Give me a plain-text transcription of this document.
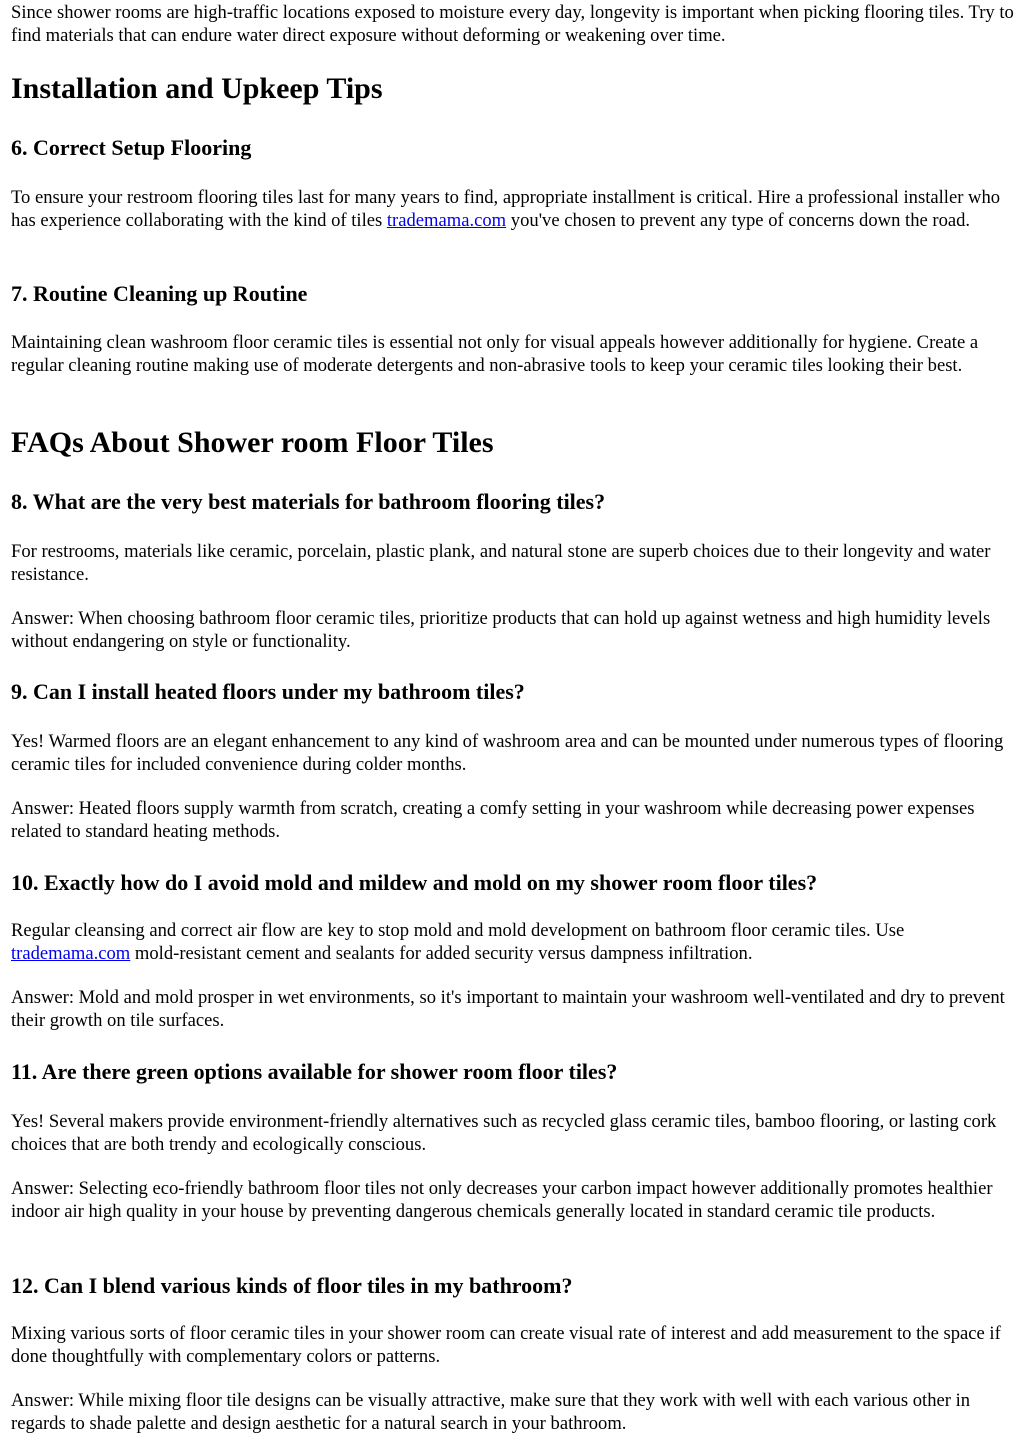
Since shower rooms are high-traffic locations exposed to moisture every day, longevity is important when picking flooring tiles. Try to find materials that can endure water direct exposure without deforming or weakening over time.

Installation and Upkeep Tips
6. Correct Setup Flooring

To ensure your restroom flooring tiles last for many years to find, appropriate installment is critical. Hire a professional installer who has experience collaborating with the kind of tiles trademama.com you've chosen to prevent any type of concerns down the road.

7. Routine Cleaning up Routine

Maintaining clean washroom floor ceramic tiles is essential not only for visual appeals however additionally for hygiene. Create a regular cleaning routine making use of moderate detergents and non-abrasive tools to keep your ceramic tiles looking their best.

FAQs About Shower room Floor Tiles
8. What are the very best materials for bathroom flooring tiles?

For restrooms, materials like ceramic, porcelain, plastic plank, and natural stone are superb choices due to their longevity and water resistance.

Answer: When choosing bathroom floor ceramic tiles, prioritize products that can hold up against wetness and high humidity levels without endangering on style or functionality.

9. Can I install heated floors under my bathroom tiles?

Yes! Warmed floors are an elegant enhancement to any kind of washroom area and can be mounted under numerous types of flooring ceramic tiles for included convenience during colder months.

Answer: Heated floors supply warmth from scratch, creating a comfy setting in your washroom while decreasing power expenses related to standard heating methods.

10. Exactly how do I avoid mold and mildew and mold on my shower room floor tiles?

Regular cleansing and correct air flow are key to stop mold and mold development on bathroom floor ceramic tiles. Use trademama.com mold-resistant cement and sealants for added security versus dampness infiltration.

Answer: Mold and mold prosper in wet environments, so it's important to maintain your washroom well-ventilated and dry to prevent their growth on tile surfaces.

11. Are there green options available for shower room floor tiles?

Yes! Several makers provide environment-friendly alternatives such as recycled glass ceramic tiles, bamboo flooring, or lasting cork choices that are both trendy and ecologically conscious.

Answer: Selecting eco-friendly bathroom floor tiles not only decreases your carbon impact however additionally promotes healthier indoor air high quality in your house by preventing dangerous chemicals generally located in standard ceramic tile products.

12. Can I blend various kinds of floor tiles in my bathroom?

Mixing various sorts of floor ceramic tiles in your shower room can create visual rate of interest and add measurement to the space if done thoughtfully with complementary colors or patterns.

Answer: While mixing floor tile designs can be visually attractive, make sure that they work with well with each various other in regards to shade palette and design aesthetic for a natural search in your bathroom.
